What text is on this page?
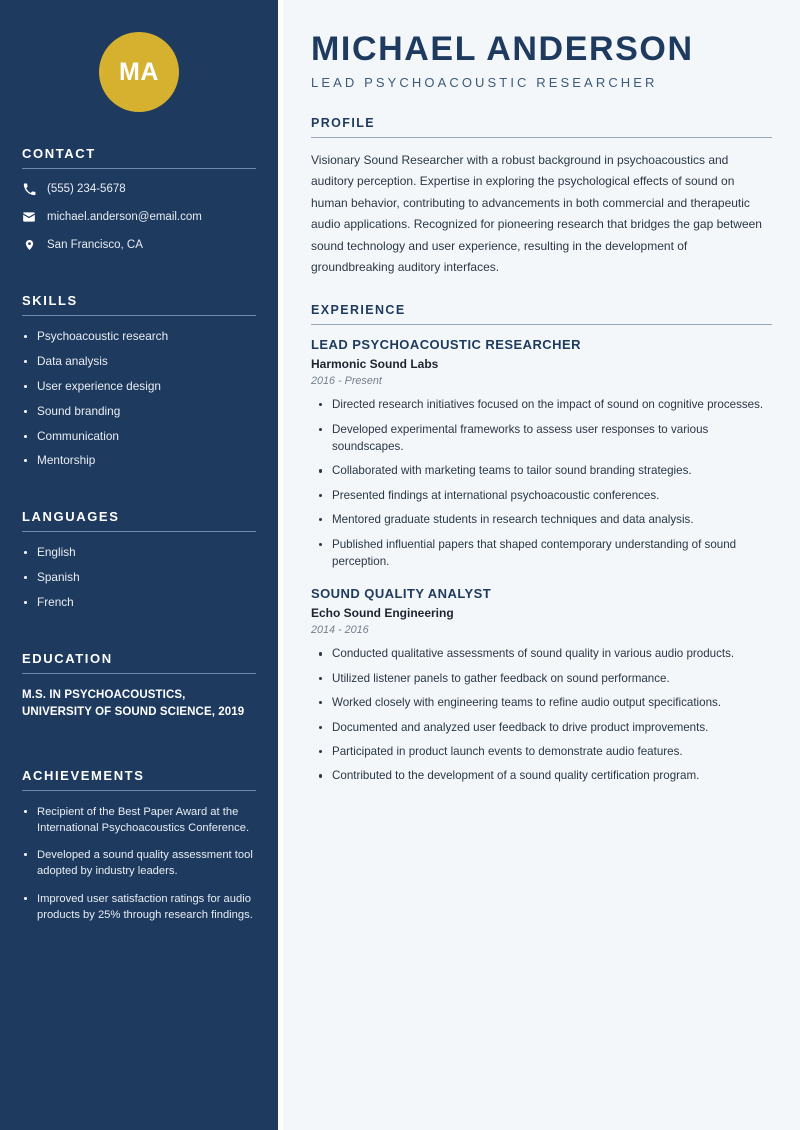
MA
CONTACT
(555) 234-5678
michael.anderson@email.com
San Francisco, CA
SKILLS
Psychoacoustic research
Data analysis
User experience design
Sound branding
Communication
Mentorship
LANGUAGES
English
Spanish
French
EDUCATION
M.S. IN PSYCHOACOUSTICS,
UNIVERSITY OF SOUND SCIENCE, 2019
ACHIEVEMENTS
Recipient of the Best Paper Award at the International Psychoacoustics Conference.
Developed a sound quality assessment tool adopted by industry leaders.
Improved user satisfaction ratings for audio products by 25% through research findings.
MICHAEL ANDERSON
LEAD PSYCHOACOUSTIC RESEARCHER
PROFILE

Visionary Sound Researcher with a robust background in psychoacoustics and auditory perception. Expertise in exploring the psychological effects of sound on human behavior, contributing to advancements in both commercial and therapeutic audio applications. Recognized for pioneering research that bridges the gap between sound technology and user experience, resulting in the development of groundbreaking auditory interfaces.

EXPERIENCE
LEAD PSYCHOACOUSTIC RESEARCHER
Harmonic Sound Labs
2016 - Present
Directed research initiatives focused on the impact of sound on cognitive processes.
Developed experimental frameworks to assess user responses to various soundscapes.
Collaborated with marketing teams to tailor sound branding strategies.
Presented findings at international psychoacoustic conferences.
Mentored graduate students in research techniques and data analysis.
Published influential papers that shaped contemporary understanding of sound perception.
SOUND QUALITY ANALYST
Echo Sound Engineering
2014 - 2016
Conducted qualitative assessments of sound quality in various audio products.
Utilized listener panels to gather feedback on sound performance.
Worked closely with engineering teams to refine audio output specifications.
Documented and analyzed user feedback to drive product improvements.
Participated in product launch events to demonstrate audio features.
Contributed to the development of a sound quality certification program.
